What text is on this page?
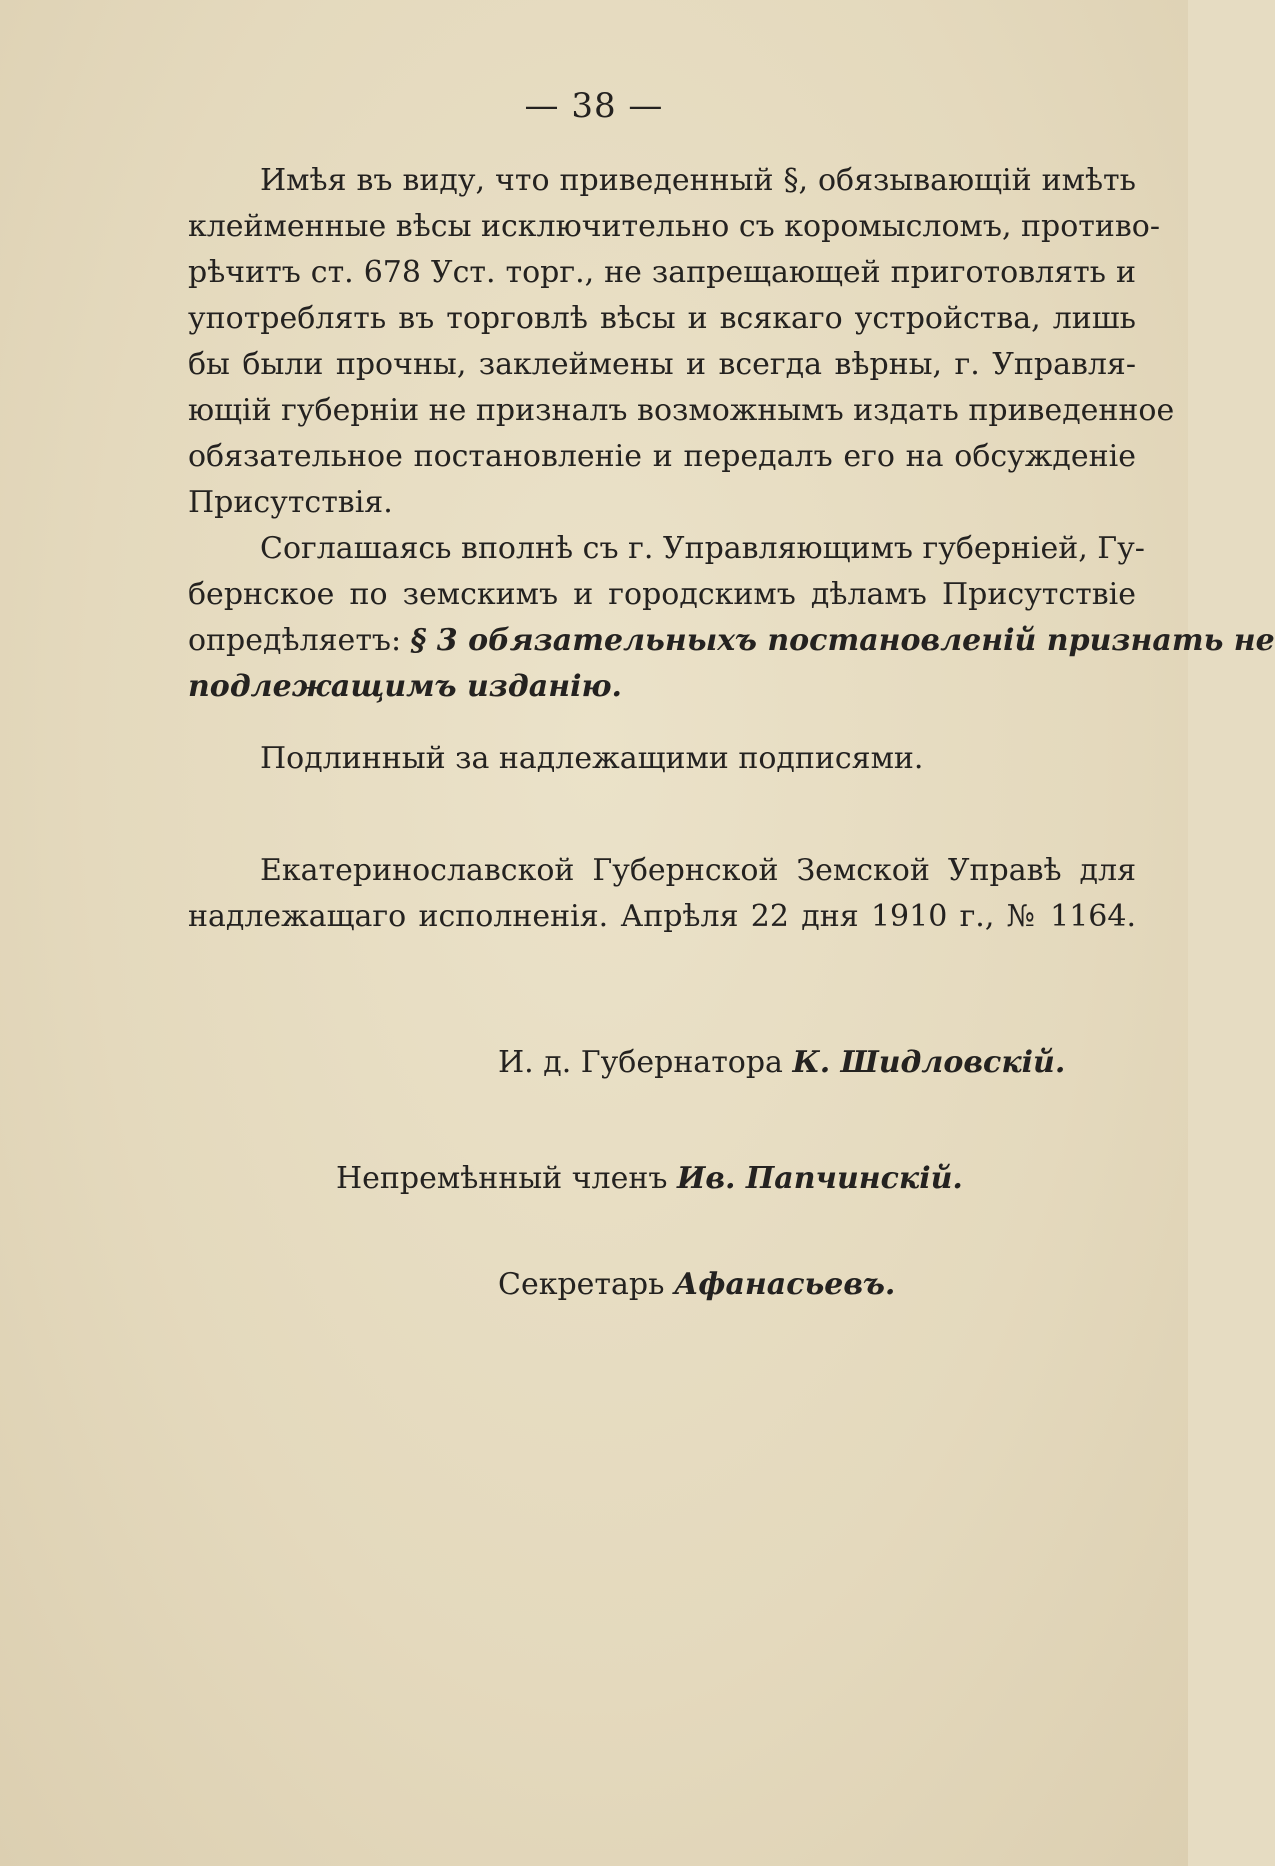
— 38 —
Имѣя въ виду, что приведенный §, обязывающій имѣть
клейменные вѣсы исключительно съ коромысломъ, противо-
рѣчитъ ст. 678 Уст. торг., не запрещающей приготовлять и
употреблять въ торговлѣ вѣсы и всякаго устройства, лишь
бы были прочны, заклеймены и всегда вѣрны, г. Управля-
ющій губерніи не призналъ возможнымъ издать приведенное
обязательное постановленіе и передалъ его на обсужденіе
Присутствія.
Соглашаясь вполнѣ съ г. Управляющимъ губерніей, Гу-
бернское по земскимъ и городскимъ дѣламъ Присутствіе
опредѣляетъ: § 3 обязательныхъ постановленій признать не
подлежащимъ изданію.
Подлинный за надлежащими подписями.
Екатеринославской Губернской Земской Управѣ для
надлежащаго исполненія. Апрѣля 22 дня 1910 г., № 1164.
И. д. Губернатора К. Шидловскій.
Непремѣнный членъ Ив. Папчинскій.
Секретарь Афанасьевъ.
